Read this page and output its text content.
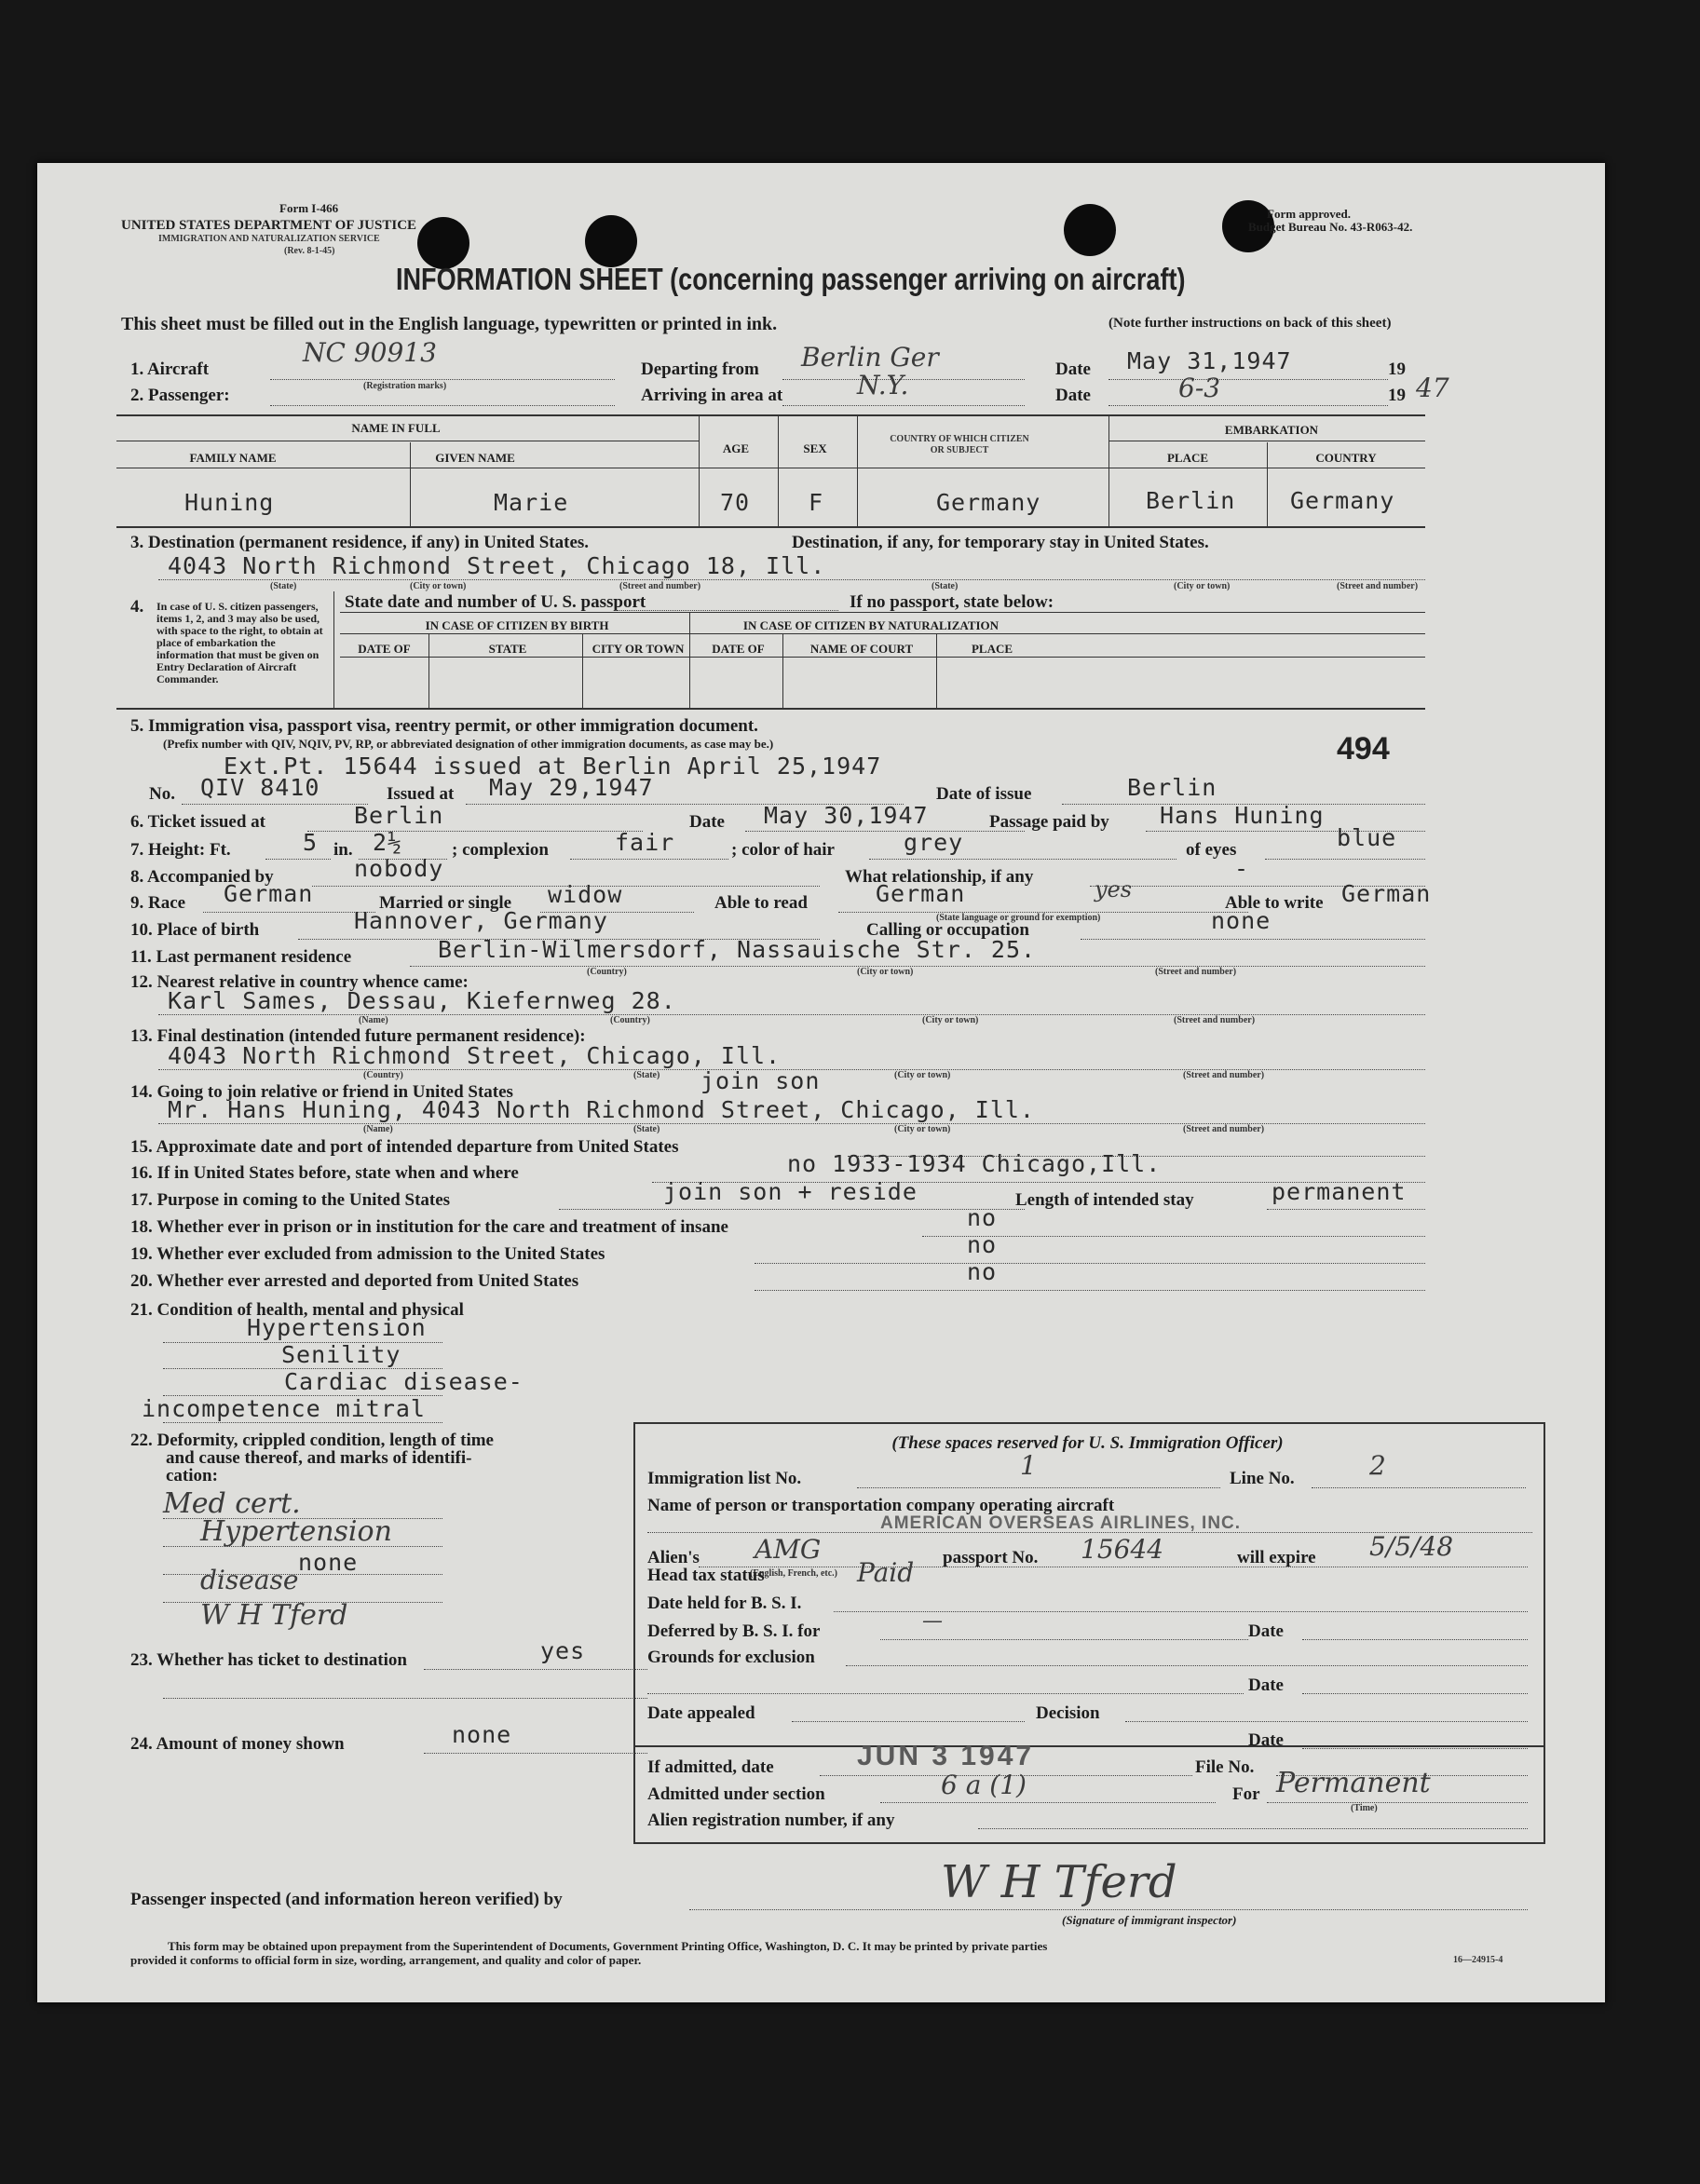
Form I-466
UNITED STATES DEPARTMENT OF JUSTICE
IMMIGRATION AND NATURALIZATION SERVICE
(Rev. 8-1-45)
Form approved.
Budget Bureau No. 43-R063-42.
INFORMATION SHEET (concerning passenger arriving on aircraft)
This sheet must be filled out in the English language, typewritten or printed in ink.	(Note further instructions on back of this sheet)
1. Aircraft
NC 90913
(Registration marks)
2. Passenger:
Departing from Berlin Ger
Arriving in area at	N.Y.
Date May 31,1947	19
Date	6-3	19 47
NAME IN FULL
FAMILY NAME	GIVEN NAME
AGE	SEX
COUNTRY OF WHICH CITIZEN
OR SUBJECT
EMBARKATION
PLACE	COUNTRY
Huning	Marie	70	F	Germany	Berlin Germany
3. Destination (permanent residence, if any) in United States.	Destination, if any, for temporary stay in United States.
4043 North Richmond Street, Chicago 18, Ill.
(State)	(City or town)	(Street and number)	(State)	(City or town)	(Street and number)
4. In case of U. S. citizen passengers, items 1, 2, and 3 may also be used, with space to the right, to obtain at place of embarkation the information that must be given on Entry Declaration of Aircraft Commander.
State date and number of U. S. passport	If no passport, state below:
IN CASE OF CITIZEN BY BIRTH	IN CASE OF CITIZEN BY NATURALIZATION
DATE OF	STATE	CITY OR TOWN	DATE OF	NAME OF COURT	PLACE
5. Immigration visa, passport visa, reentry permit, or other immigration document.
(Prefix number with QIV, NQIV, PV, RP, or abbreviated designation of other immigration documents, as case may be.)
Ext.Pt. 15644 issued at Berlin April 25,1947	494
No. QIV 8410	Issued at May 29,1947	Date of issue	Berlin
6. Ticket issued at	Berlin	Date May 30,1947	Passage paid by Hans Huning
7. Height: Ft.	5 in. 2½	; complexion	fair	; color of hair	grey	of eyes	blue
8. Accompanied by	nobody	What relationship, if any	-
9. Race German	Married or single widow	Able to read	German	yes
(State language or ground for exemption)
Able to write German
10. Place of birth	Hannover, Germany	Calling or occupation	none
11. Last permanent residence	Berlin-Wilmersdorf, Nassauische Str. 25.
(Country)	(City or town)	(Street and number)
12. Nearest relative in country whence came:
Karl Sames, Dessau, Kiefernweg 28.
(Name)	(Country)	(City or town)	(Street and number)
13. Final destination (intended future permanent residence):
4043 North Richmond Street, Chicago, Ill.
(Country)	(State)	(City or town)	(Street and number)
14. Going to join relative or friend in United States	join son
Mr. Hans Huning, 4043 North Richmond Street, Chicago, Ill.
(Name)	(State)	(City or town)	(Street and number)
15. Approximate date and port of intended departure from United States
16. If in United States before, state when and where	no 1933-1934 Chicago,Ill.
17. Purpose in coming to the United States	join son + reside	Length of intended stay	permanent
18. Whether ever in prison or in institution for the care and treatment of insane	no
19. Whether ever excluded from admission to the United States	no
20. Whether ever arrested and deported from United States	no
21. Condition of health, mental and physical
Hypertension
Senility
Cardiac disease-
incompetence mitral
22. Deformity, crippled condition, length of time
and cause thereof, and marks of identifi-
cation:
Med cert.
Hypertension
none
disease
W H Tferd
23. Whether has ticket to destination	yes
24. Amount of money shown	none
(These spaces reserved for U. S. Immigration Officer)
Immigration list No.	1	Line No.	2
Name of person or transportation company operating aircraft
AMERICAN OVERSEAS AIRLINES, INC.
Alien's
(English, French, etc.)
AMG	passport No. 15644	will expire 5/5/48
Head tax status	Paid
Date held for B. S. I.
Deferred by B. S. I. for	—	Date
Grounds for exclusion
Date
Date appealed	Decision
Date
If admitted, date	JUN 3 1947	File No.
Admitted under section	6 a (1)	For Permanent
(Time)
Alien registration number, if any
Passenger inspected (and information hereon verified) by	W H Tferd
(Signature of immigrant inspector)
This form may be obtained upon prepayment from the Superintendent of Documents, Government Printing Office, Washington, D. C. It may be printed by private parties
provided it conforms to official form in size, wording, arrangement, and quality and color of paper.	16—24915-4
